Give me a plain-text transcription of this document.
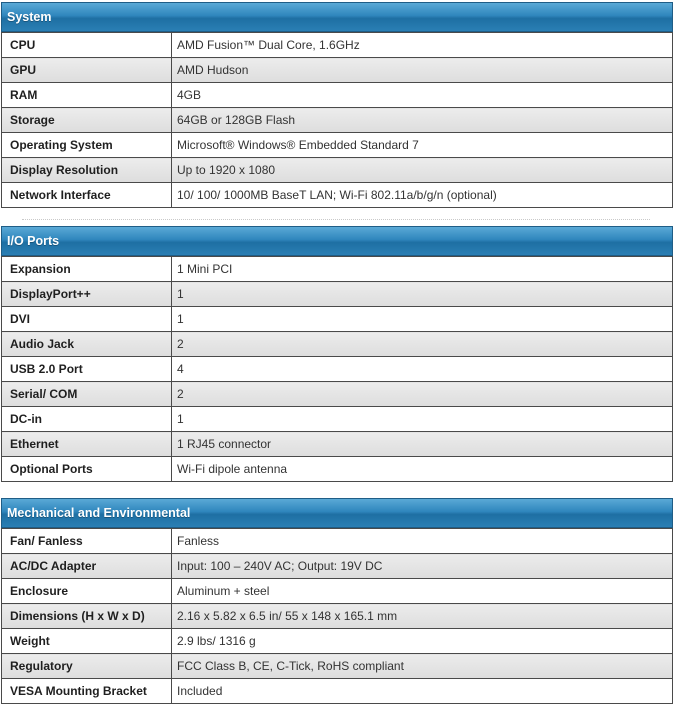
System
CPU	AMD Fusion™ Dual Core, 1.6GHz
GPU	AMD Hudson
RAM	4GB
Storage	64GB or 128GB Flash
Operating System	Microsoft® Windows® Embedded Standard 7
Display Resolution	Up to 1920 x 1080
Network Interface	10/ 100/ 1000MB BaseT LAN; Wi-Fi 802.11a/b/g/n (optional)
I/O Ports
Expansion	1 Mini PCI
DisplayPort++	1
DVI	1
Audio Jack	2
USB 2.0 Port	4
Serial/ COM	2
DC-in	1
Ethernet	1 RJ45 connector
Optional Ports	Wi-Fi dipole antenna
Mechanical and Environmental
Fan/ Fanless	Fanless
AC/DC Adapter	Input: 100 – 240V AC; Output: 19V DC
Enclosure	Aluminum + steel
Dimensions (H x W x D)	2.16 x 5.82 x 6.5 in/ 55 x 148 x 165.1 mm
Weight	2.9 lbs/ 1316 g
Regulatory	FCC Class B, CE, C-Tick, RoHS compliant
VESA Mounting Bracket	Included
